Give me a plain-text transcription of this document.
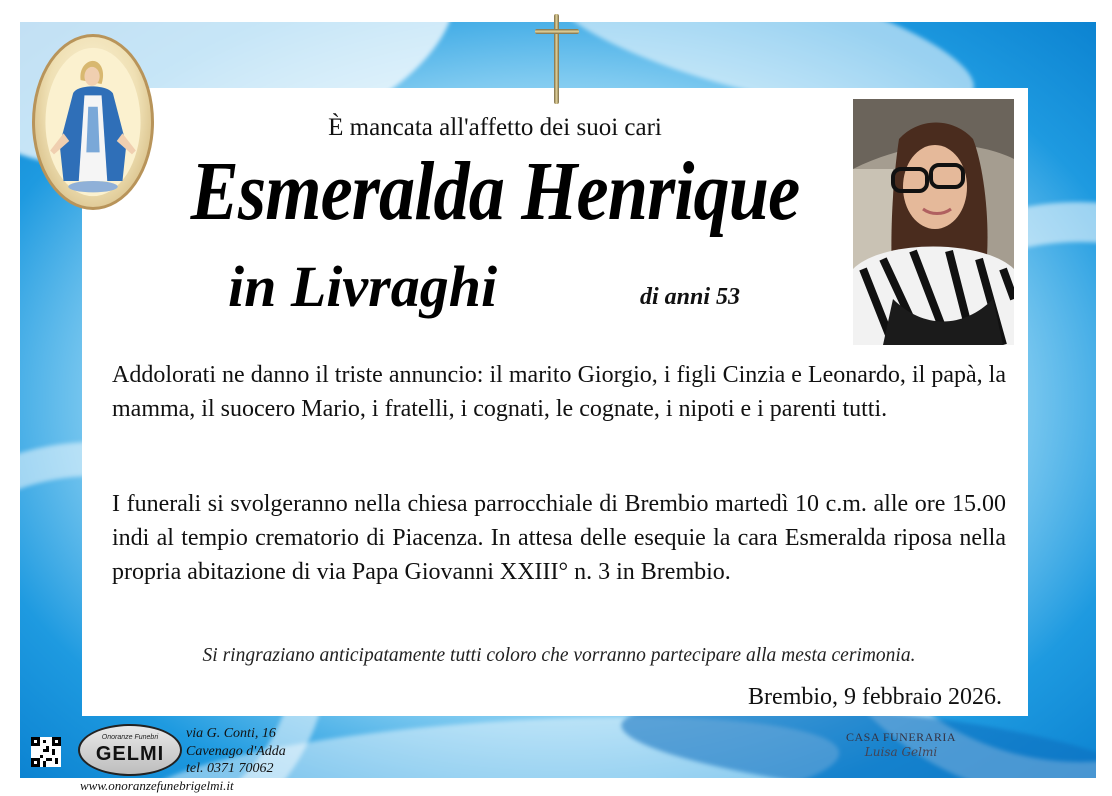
È mancata all'affetto dei suoi cari
Esmeralda Henrique
in Livraghi	di anni 53
Addolorati ne danno il triste annuncio: il marito Giorgio, i figli Cinzia e Leonardo, il papà, la mamma, il suocero Mario, i fratelli, i cognati, le cognate, i nipoti e i parenti tutti.
I funerali si svolgeranno nella chiesa parrocchiale di Brembio martedì 10 c.m. alle ore 15.00 indi al tempio crematorio di Piacenza. In attesa delle esequie la cara Esmeralda riposa nella propria abitazione di via Papa Giovanni XXIII° n. 3 in Brembio.
Si ringraziano anticipatamente tutti coloro che vorranno partecipare alla mesta cerimonia.
Brembio, 9 febbraio 2026.
Onoranze Funebri
GELMI
via G. Conti, 16
Cavenago d'Adda
tel. 0371 70062
www.onoranzefunebrigelmi.it
CASA FUNERARIA
Luisa Gelmi
